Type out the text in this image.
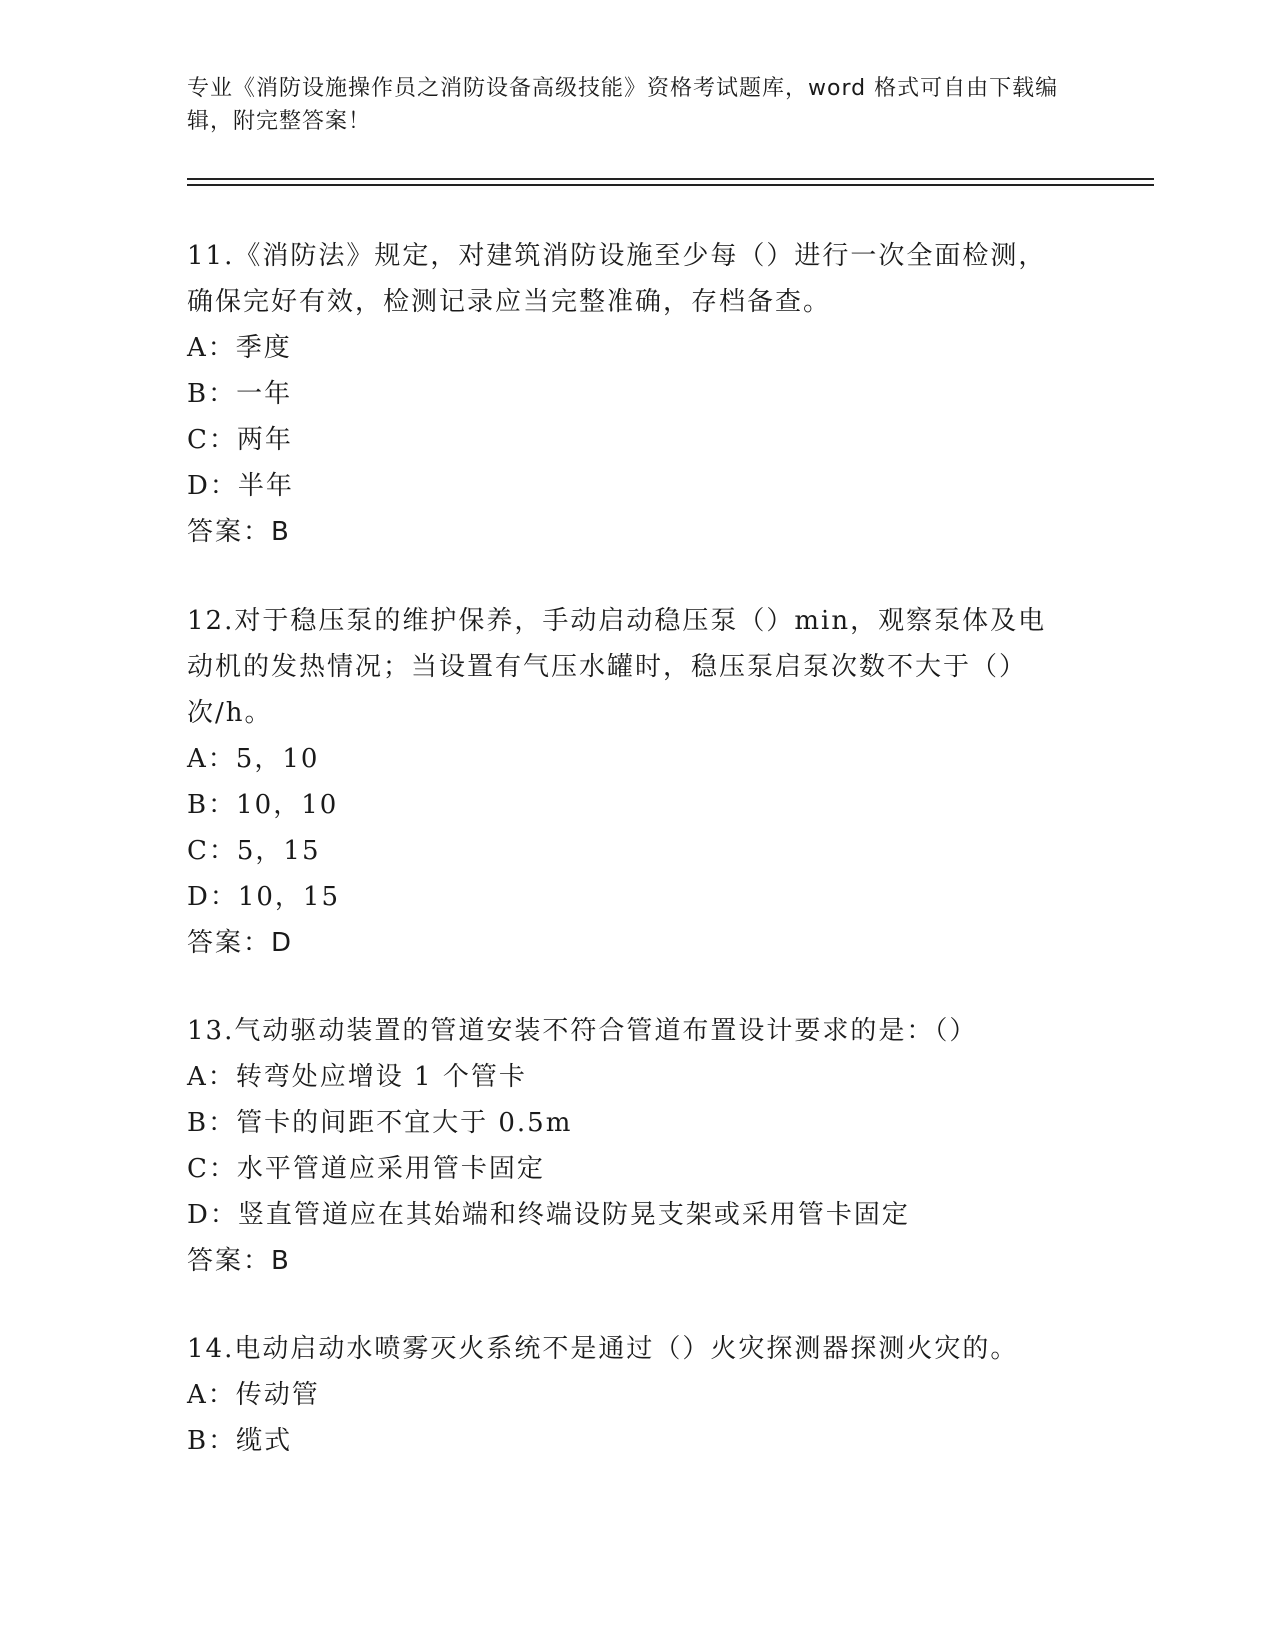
专业《消防设施操作员之消防设备高级技能》资格考试题库，word 格式可自由下载编辑，附完整答案！

11.《消防法》规定，对建筑消防设施至少每（）进行一次全面检测，确保完好有效，检测记录应当完整准确，存档备查。

A：季度

B：一年

C：两年

D：半年

答案：B

12.对于稳压泵的维护保养，手动启动稳压泵（）min，观察泵体及电动机的发热情况；当设置有气压水罐时，稳压泵启泵次数不大于（）次/h。

A：5，10

B：10，10

C：5，15

D：10，15

答案：D

13.气动驱动装置的管道安装不符合管道布置设计要求的是：（）

A：转弯处应增设 1 个管卡

B：管卡的间距不宜大于 0.5m

C：水平管道应采用管卡固定

D：竖直管道应在其始端和终端设防晃支架或采用管卡固定

答案：B

14.电动启动水喷雾灭火系统不是通过（）火灾探测器探测火灾的。

A：传动管

B：缆式
